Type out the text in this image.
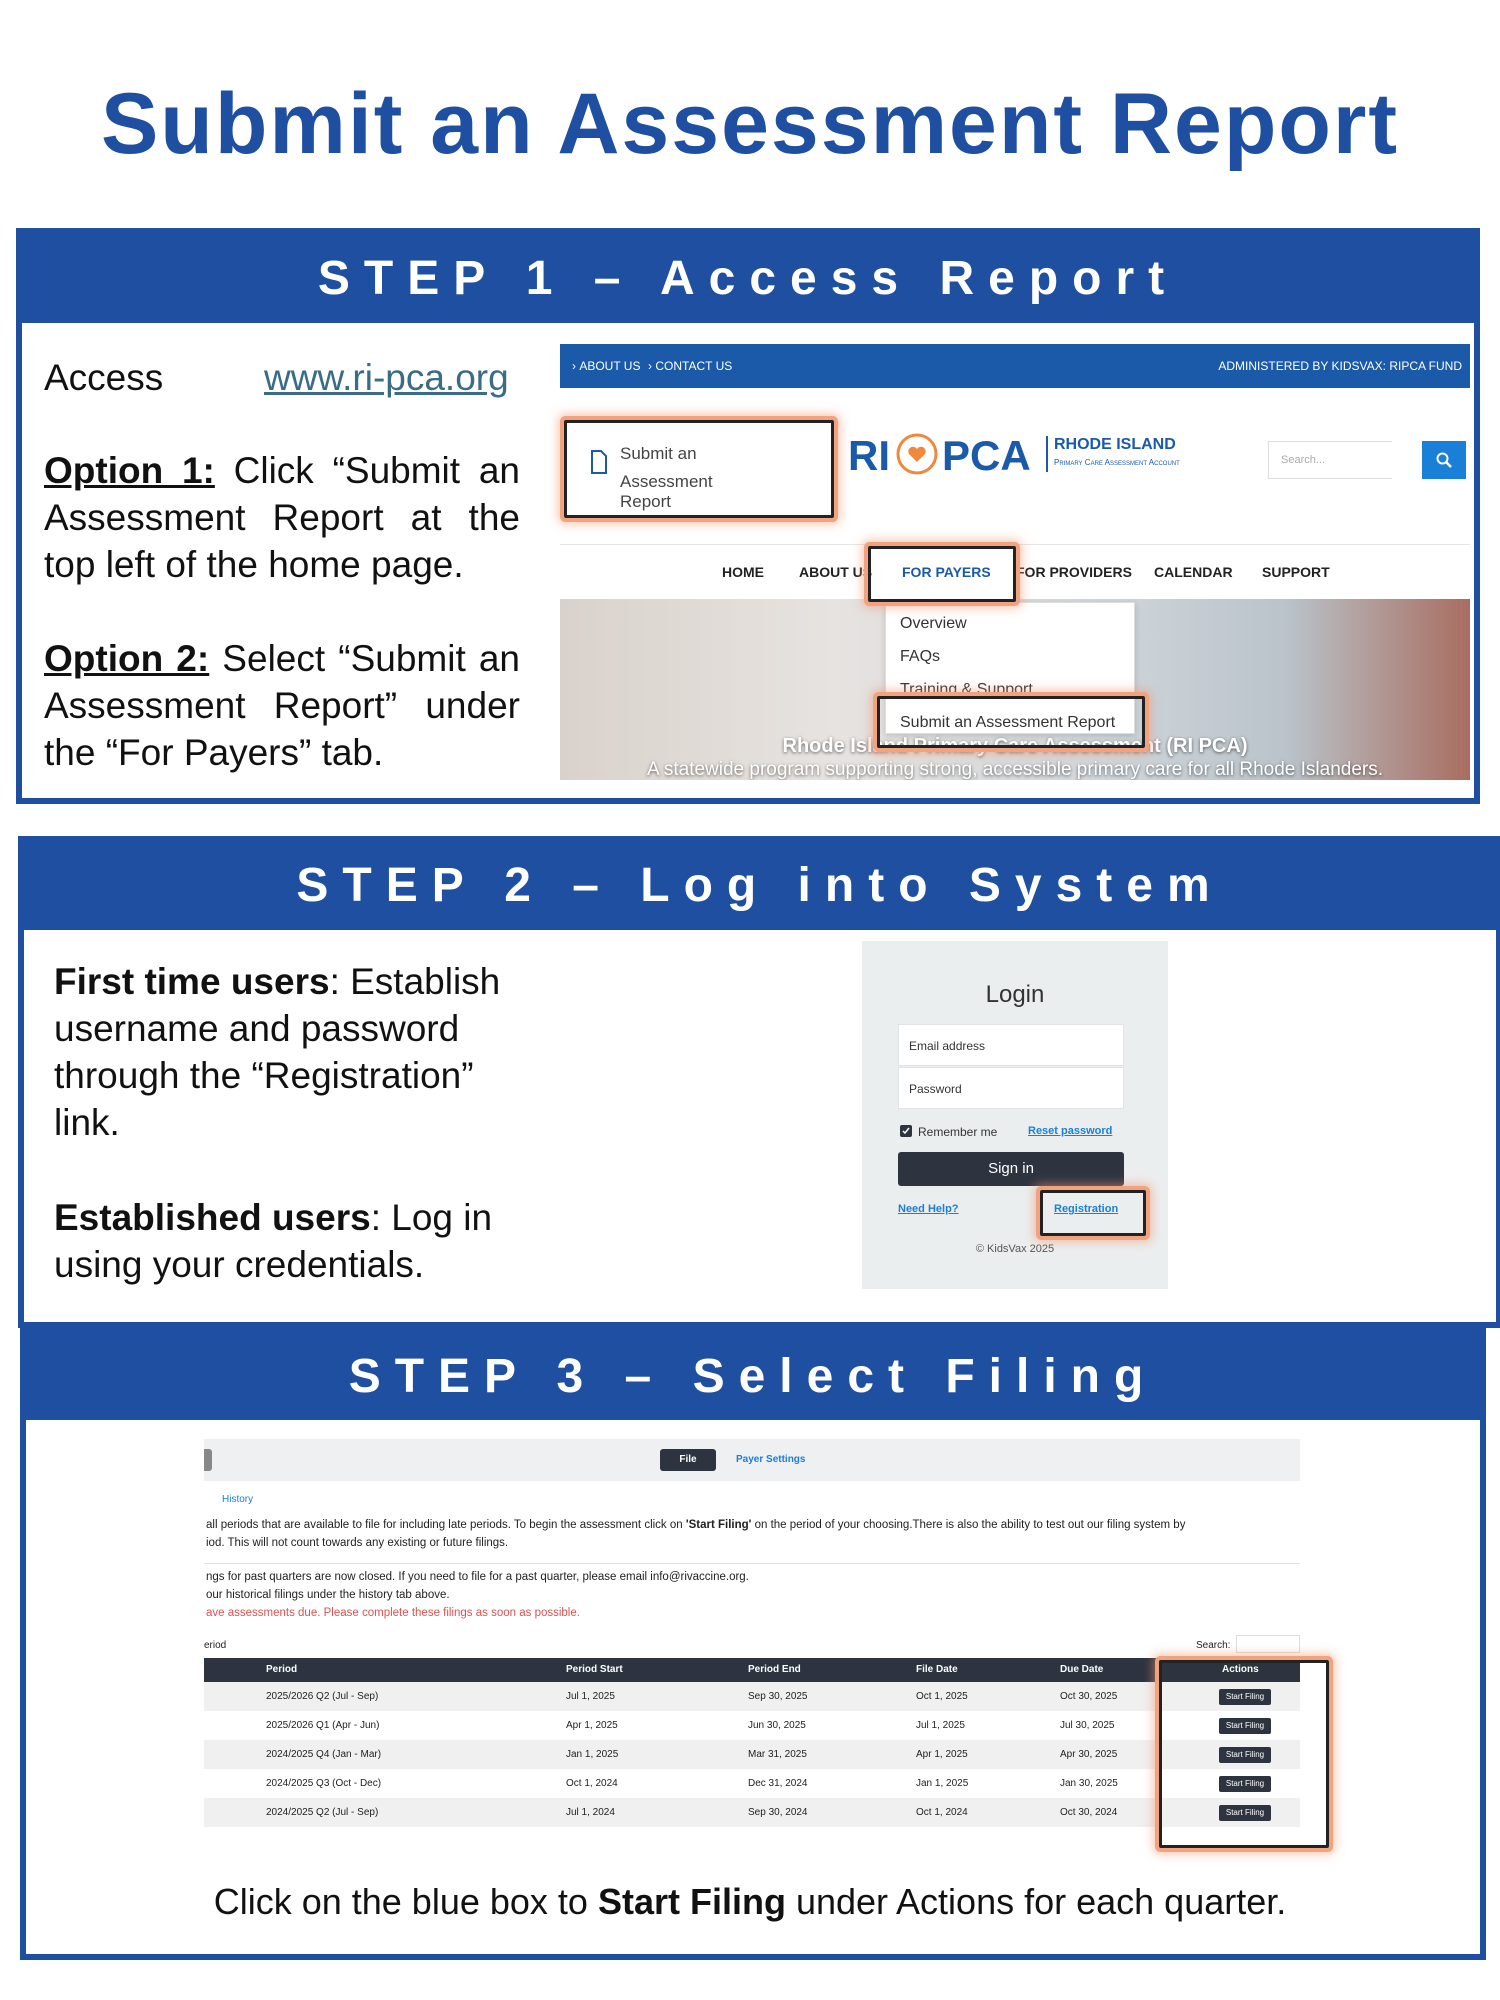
Submit an Assessment Report
STEP 1 – Access Report
Access	www.ri-pca.org
Option 1: Click “Submit an Assessment Report at the top left of the home page.
Option 2: Select “Submit an Assessment Report” under the “For Payers” tab.
› ABOUT US › CONTACT US	ADMINISTERED BY KIDSVAX: RIPCA FUND
Submit an
Assessment Report
RI PCA RHODE ISLAND
Primary Care Assessment Account	Search...
HOME	ABOUT US FOR PAYERS FOR PROVIDERS CALENDAR SUPPORT
Rhode Island Primary Care Assessment (RI PCA)
A statewide program supporting strong, accessible primary care for all Rhode Islanders.
Overview
FAQs
Training & Support
Submit an Assessment Report
STEP 2 – Log into System
First time users: Establish username and password through the “Registration” link.
Established users: Log in using your credentials.
Login
Email address
Password
Remember me	Reset password
Sign in
Need Help?	Registration
© KidsVax 2025
STEP 3 – Select Filing
File	Payer Settings
History
all periods that are available to file for including late periods. To begin the assessment click on 'Start Filing' on the period of your choosing.There is also the ability to test out our filing system by
iod. This will not count towards any existing or future filings.
ngs for past quarters are now closed. If you need to file for a past quarter, please email info@rivaccine.org.
our historical filings under the history tab above.
ave assessments due. Please complete these filings as soon as possible.
eriod	Search:
Period	Period Start	Period End	File Date	Due Date	Actions
2025/2026 Q2 (Jul - Sep)	Jul 1, 2025	Sep 30, 2025	Oct 1, 2025	Oct 30, 2025	Start Filing
2025/2026 Q1 (Apr - Jun)	Apr 1, 2025	Jun 30, 2025	Jul 1, 2025	Jul 30, 2025	Start Filing
2024/2025 Q4 (Jan - Mar)	Jan 1, 2025	Mar 31, 2025	Apr 1, 2025	Apr 30, 2025	Start Filing
2024/2025 Q3 (Oct - Dec)	Oct 1, 2024	Dec 31, 2024	Jan 1, 2025	Jan 30, 2025	Start Filing
2024/2025 Q2 (Jul - Sep)	Jul 1, 2024	Sep 30, 2024	Oct 1, 2024	Oct 30, 2024	Start Filing
Click on the blue box to Start Filing under Actions for each quarter.
